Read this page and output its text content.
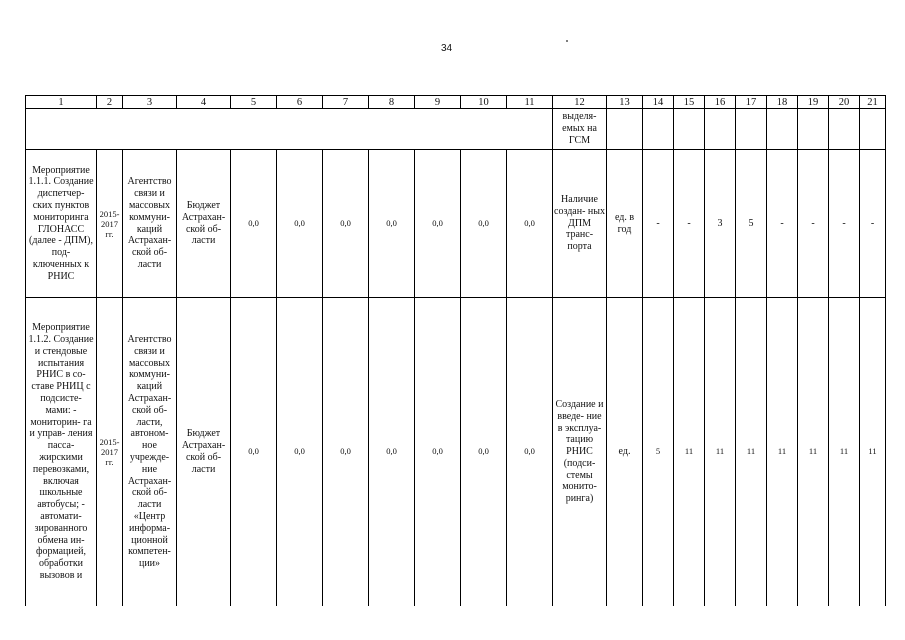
34
1	2	3	4	5	6	7	8	9	10	11	12	13	14	15	16	17	18	19	20	21
											выделя- емых на ГСМ									
Мероприятие 1.1.1. Создание диспетчер- ских пунктов мониторинга ГЛОНАСС (далее - ДПМ), под- ключенных к РНИС	2015-2017 гг.	Агентство связи и массовых коммуни- каций Астрахан- ской об- ласти	Бюджет Астрахан- ской об- ласти	0,0	0,0	0,0	0,0	0,0	0,0	0,0	Наличие создан- ных ДПМ транс- порта	ед. в год	-	-	3	5	-	-	-	-
Мероприятие 1.1.2. Создание и стендовые испытания РНИС в со- ставе РНИЦ с подсисте- мами: - мониторин- га и управ- ления пасса- жирскими перевозками, включая школьные автобусы; - автомати- зированного обмена ин- формацией, обработки вызовов и	2015-2017 гг.	Агентство связи и массовых коммуни- каций Астрахан- ской об- ласти, автоном- ное учрежде- ние Астрахан- ской об- ласти «Центр информа- ционной компетен- ции»	Бюджет Астрахан- ской об- ласти	0,0	0,0	0,0	0,0	0,0	0,0	0,0	Создание и введе- ние в эксплуа- тацию РНИС (подси- стемы монито- ринга)	ед.	5	11	11	11	11	11	11	11
